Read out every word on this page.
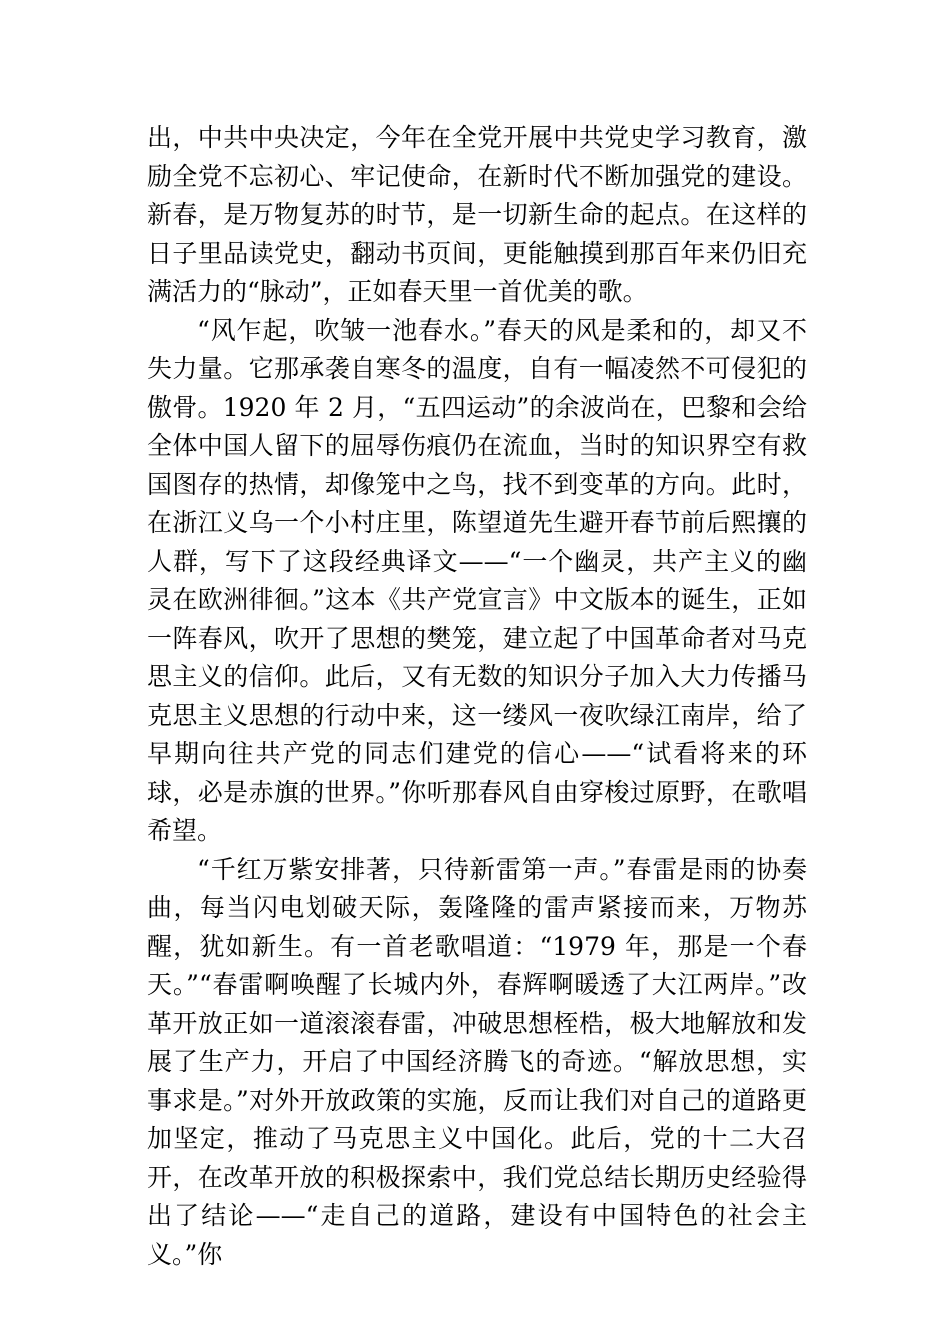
出，中共中央决定，今年在全党开展中共党史学习教育，激励全党不忘初心、牢记使命，在新时代不断加强党的建设。新春，是万物复苏的时节，是一切新生命的起点。在这样的日子里品读党史，翻动书页间，更能触摸到那百年来仍旧充满活力的“脉动”，正如春天里一首优美的歌。

“风乍起，吹皱一池春水。”春天的风是柔和的，却又不失力量。它那承袭自寒冬的温度，自有一幅凌然不可侵犯的傲骨。1920 年 2 月，“五四运动”的余波尚在，巴黎和会给全体中国人留下的屈辱伤痕仍在流血，当时的知识界空有救国图存的热情，却像笼中之鸟，找不到变革的方向。此时，在浙江义乌一个小村庄里，陈望道先生避开春节前后熙攘的人群，写下了这段经典译文——“一个幽灵，共产主义的幽灵在欧洲徘徊。”这本《共产党宣言》中文版本的诞生，正如一阵春风，吹开了思想的樊笼，建立起了中国革命者对马克思主义的信仰。此后，又有无数的知识分子加入大力传播马克思主义思想的行动中来，这一缕风一夜吹绿江南岸，给了早期向往共产党的同志们建党的信心——“试看将来的环球，必是赤旗的世界。”你听那春风自由穿梭过原野，在歌唱希望。

“千红万紫安排著，只待新雷第一声。”春雷是雨的协奏曲，每当闪电划破天际，轰隆隆的雷声紧接而来，万物苏醒，犹如新生。有一首老歌唱道：“1979 年，那是一个春天。”“春雷啊唤醒了长城内外，春辉啊暖透了大江两岸。”改革开放正如一道滚滚春雷，冲破思想桎梏，极大地解放和发展了生产力，开启了中国经济腾飞的奇迹。“解放思想，实事求是。”对外开放政策的实施，反而让我们对自己的道路更加坚定，推动了马克思主义中国化。此后，党的十二大召开，在改革开放的积极探索中，我们党总结长期历史经验得出了结论——“走自己的道路，建设有中国特色的社会主义。”你
